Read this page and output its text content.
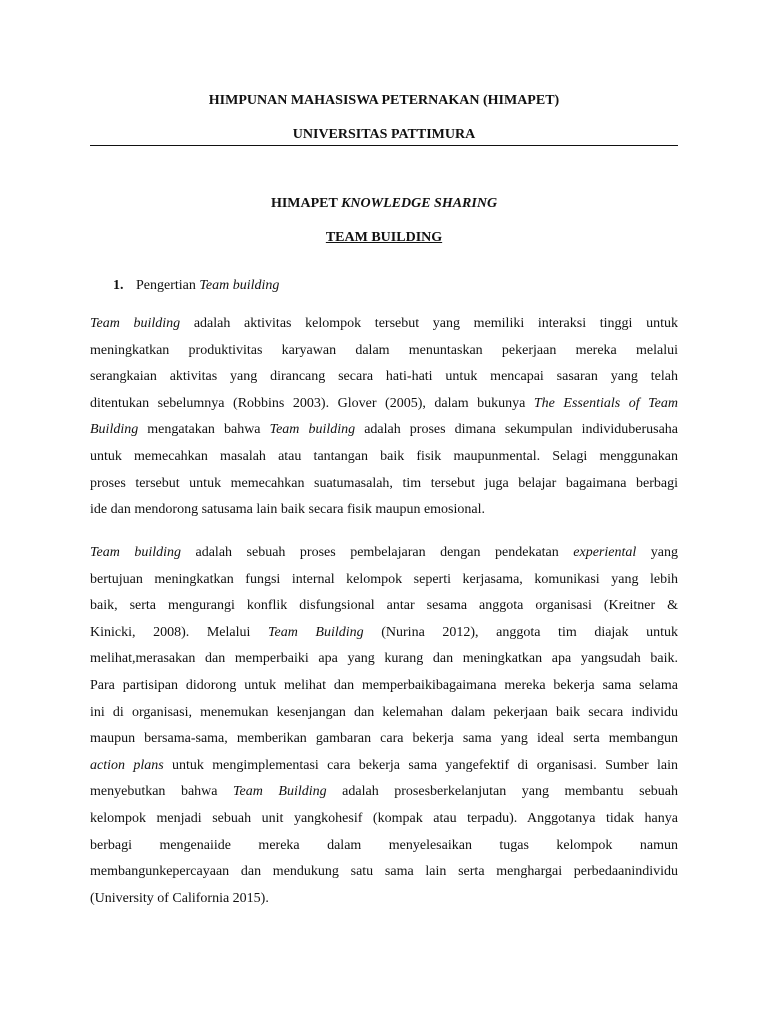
HIMPUNAN MAHASISWA PETERNAKAN (HIMAPET)
UNIVERSITAS PATTIMURA
HIMAPET KNOWLEDGE SHARING
TEAM BUILDING
1. Pengertian Team building
Team building adalah aktivitas kelompok tersebut yang memiliki interaksi tinggi untuk
meningkatkan produktivitas karyawan dalam menuntaskan pekerjaan mereka melalui
serangkaian aktivitas yang dirancang secara hati-hati untuk mencapai sasaran yang telah
ditentukan sebelumnya (Robbins 2003). Glover (2005), dalam bukunya The Essentials of Team
Building mengatakan bahwa Team building adalah proses dimana sekumpulan individuberusaha
untuk memecahkan masalah atau tantangan baik fisik maupunmental. Selagi menggunakan
proses tersebut untuk memecahkan suatumasalah, tim tersebut juga belajar bagaimana berbagi
ide dan mendorong satusama lain baik secara fisik maupun emosional.
Team building adalah sebuah proses pembelajaran dengan pendekatan experiental yang
bertujuan meningkatkan fungsi internal kelompok seperti kerjasama, komunikasi yang lebih
baik, serta mengurangi konflik disfungsional antar sesama anggota organisasi (Kreitner &
Kinicki, 2008). Melalui Team Building (Nurina 2012), anggota tim diajak untuk
melihat,merasakan dan memperbaiki apa yang kurang dan meningkatkan apa yangsudah baik.
Para partisipan didorong untuk melihat dan memperbaikibagaimana mereka bekerja sama selama
ini di organisasi, menemukan kesenjangan dan kelemahan dalam pekerjaan baik secara individu
maupun bersama-sama, memberikan gambaran cara bekerja sama yang ideal serta membangun
action plans untuk mengimplementasi cara bekerja sama yangefektif di organisasi. Sumber lain
menyebutkan bahwa Team Building adalah prosesberkelanjutan yang membantu sebuah
kelompok menjadi sebuah unit yangkohesif (kompak atau terpadu). Anggotanya tidak hanya
berbagi mengenaiide mereka dalam menyelesaikan tugas kelompok namun
membangunkepercayaan dan mendukung satu sama lain serta menghargai perbedaanindividu
(University of California 2015).
